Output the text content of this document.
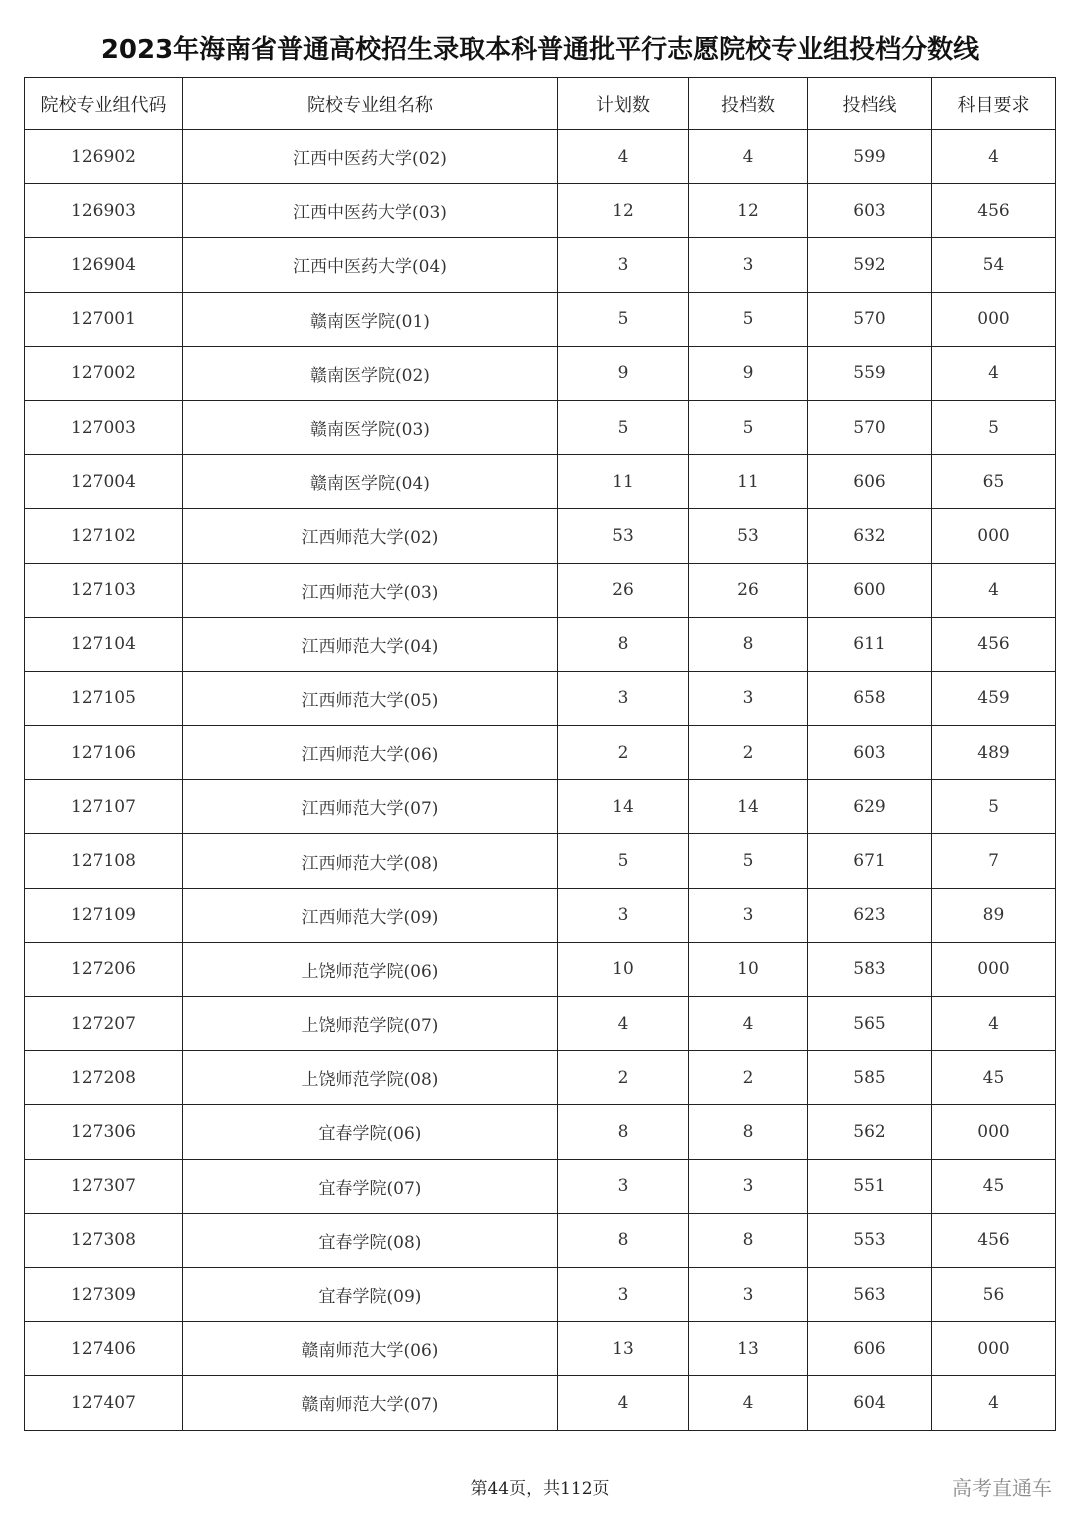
2023年海南省普通高校招生录取本科普通批平行志愿院校专业组投档分数线
院校专业组代码	院校专业组名称	计划数	投档数	投档线	科目要求
126902	江西中医药大学(02)	4	4	599	4
126903	江西中医药大学(03)	12	12	603	456
126904	江西中医药大学(04)	3	3	592	54
127001	赣南医学院(01)	5	5	570	000
127002	赣南医学院(02)	9	9	559	4
127003	赣南医学院(03)	5	5	570	5
127004	赣南医学院(04)	11	11	606	65
127102	江西师范大学(02)	53	53	632	000
127103	江西师范大学(03)	26	26	600	4
127104	江西师范大学(04)	8	8	611	456
127105	江西师范大学(05)	3	3	658	459
127106	江西师范大学(06)	2	2	603	489
127107	江西师范大学(07)	14	14	629	5
127108	江西师范大学(08)	5	5	671	7
127109	江西师范大学(09)	3	3	623	89
127206	上饶师范学院(06)	10	10	583	000
127207	上饶师范学院(07)	4	4	565	4
127208	上饶师范学院(08)	2	2	585	45
127306	宜春学院(06)	8	8	562	000
127307	宜春学院(07)	3	3	551	45
127308	宜春学院(08)	8	8	553	456
127309	宜春学院(09)	3	3	563	56
127406	赣南师范大学(06)	13	13	606	000
127407	赣南师范大学(07)	4	4	604	4
第44页，共112页	高考直通车
